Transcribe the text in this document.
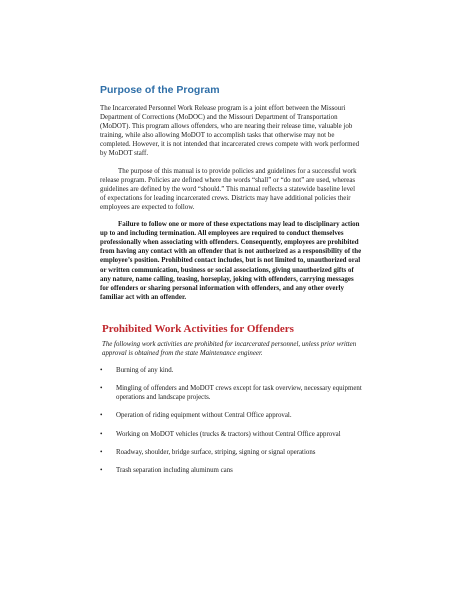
Purpose of the Program

The Incarcerated Personnel Work Release program is a joint effort between the Missouri Department of Corrections (MoDOC) and the Missouri Department of Transportation (MoDOT). This program allows offenders, who are nearing their release time, valuable job training, while also allowing MoDOT to accomplish tasks that otherwise may not be completed. However, it is not intended that incarcerated crews compete with work performed by MoDOT staff.

The purpose of this manual is to provide policies and guidelines for a successful work release program. Policies are defined where the words “shall” or “do not” are used, whereas guidelines are defined by the word “should.” This manual reflects a statewide baseline level of expectations for leading incarcerated crews. Districts may have additional policies their employees are expected to follow.

Failure to follow one or more of these expectations may lead to disciplinary action up to and including termination. All employees are required to conduct themselves professionally when associating with offenders. Consequently, employees are prohibited from having any contact with an offender that is not authorized as a responsibility of the employee’s position. Prohibited contact includes, but is not limited to, unauthorized oral or written communication, business or social associations, giving unauthorized gifts of any nature, name calling, teasing, horseplay, joking with offenders, carrying messages for offenders or sharing personal information with offenders, and any other overly familiar act with an offender.

Prohibited Work Activities for Offenders
The following work activities are prohibited for incarcerated personnel, unless prior written approval is obtained from the state Maintenance engineer.
• Burning of any kind.
• Mingling of offenders and MoDOT crews except for task overview, necessary equipment operations and landscape projects.
• Operation of riding equipment without Central Office approval.
• Working on MoDOT vehicles (trucks & tractors) without Central Office approval
• Roadway, shoulder, bridge surface, striping, signing or signal operations
• Trash separation including aluminum cans
